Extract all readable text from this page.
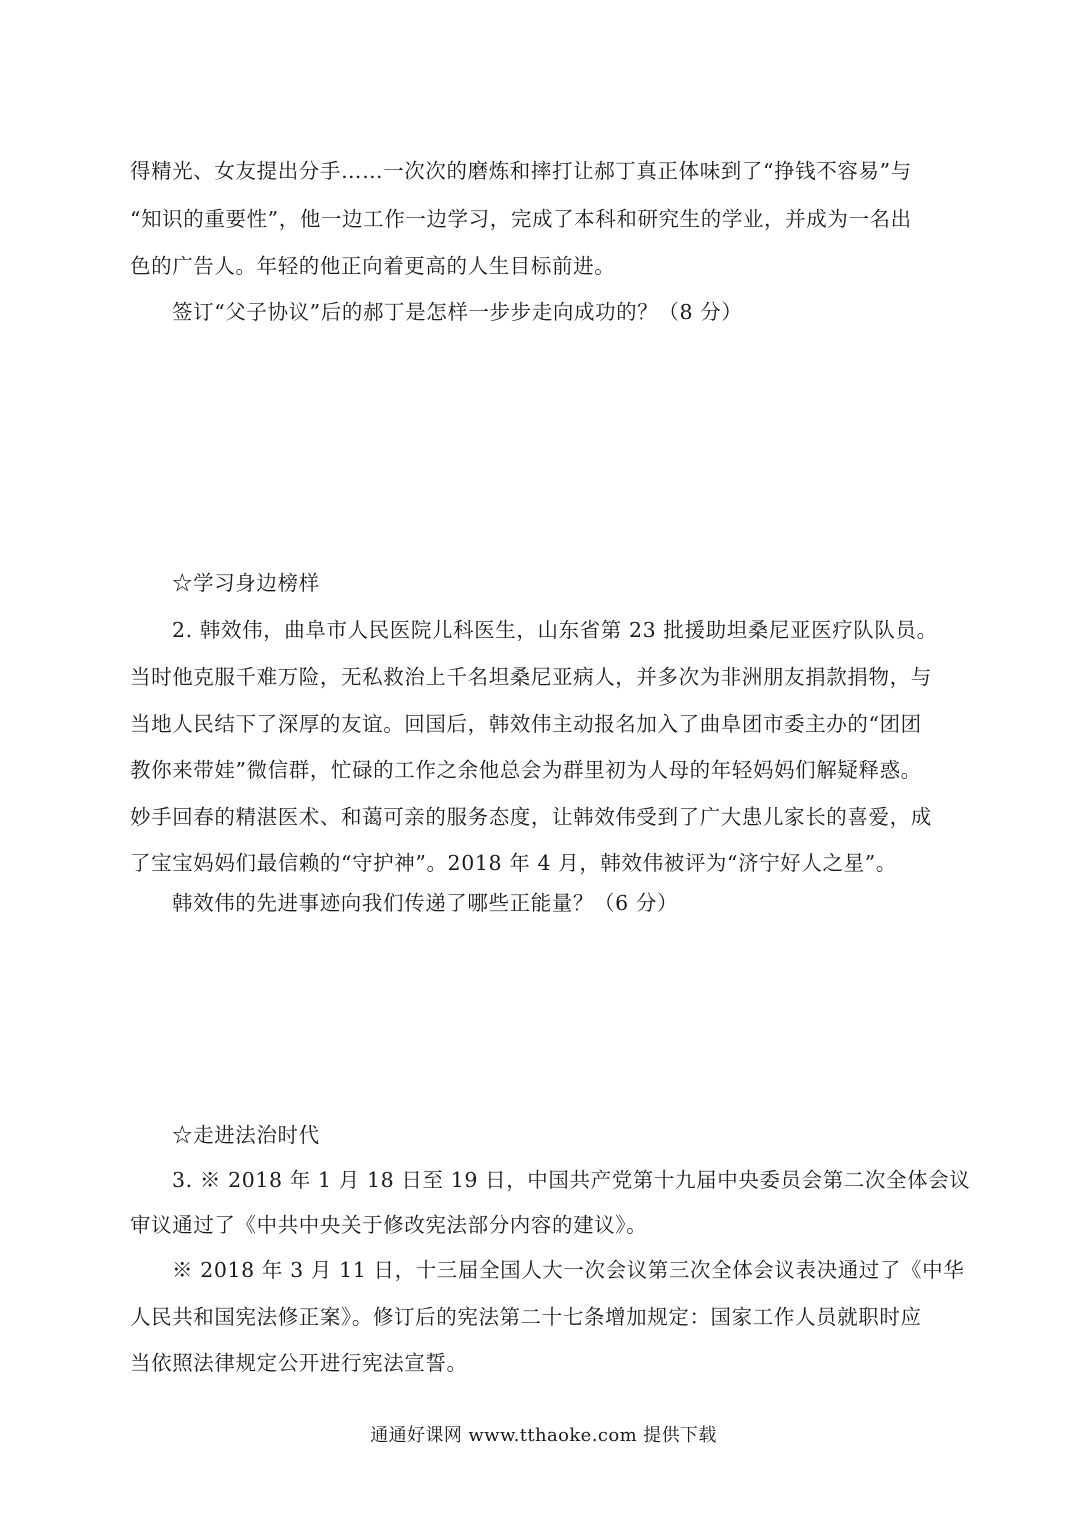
得精光、女友提出分手……一次次的磨炼和摔打让郝丁真正体味到了“挣钱不容易”与
“知识的重要性”，他一边工作一边学习，完成了本科和研究生的学业，并成为一名出
色的广告人。年轻的他正向着更高的人生目标前进。
签订“父子协议”后的郝丁是怎样一步步走向成功的？（8 分）
☆学习身边榜样
2. 韩效伟，曲阜市人民医院儿科医生，山东省第 23 批援助坦桑尼亚医疗队队员。
当时他克服千难万险，无私救治上千名坦桑尼亚病人，并多次为非洲朋友捐款捐物，与
当地人民结下了深厚的友谊。回国后，韩效伟主动报名加入了曲阜团市委主办的“团团
教你来带娃”微信群，忙碌的工作之余他总会为群里初为人母的年轻妈妈们解疑释惑。
妙手回春的精湛医术、和蔼可亲的服务态度，让韩效伟受到了广大患儿家长的喜爱，成
了宝宝妈妈们最信赖的“守护神”。2018 年 4 月，韩效伟被评为“济宁好人之星”。
韩效伟的先进事迹向我们传递了哪些正能量？（6 分）
☆走进法治时代
3. ※ 2018 年 1 月 18 日至 19 日，中国共产党第十九届中央委员会第二次全体会议
审议通过了《中共中央关于修改宪法部分内容的建议》。
※ 2018 年 3 月 11 日，十三届全国人大一次会议第三次全体会议表决通过了《中华
人民共和国宪法修正案》。修订后的宪法第二十七条增加规定：国家工作人员就职时应
当依照法律规定公开进行宪法宣誓。
通通好课网 www.tthaoke.com 提供下载
